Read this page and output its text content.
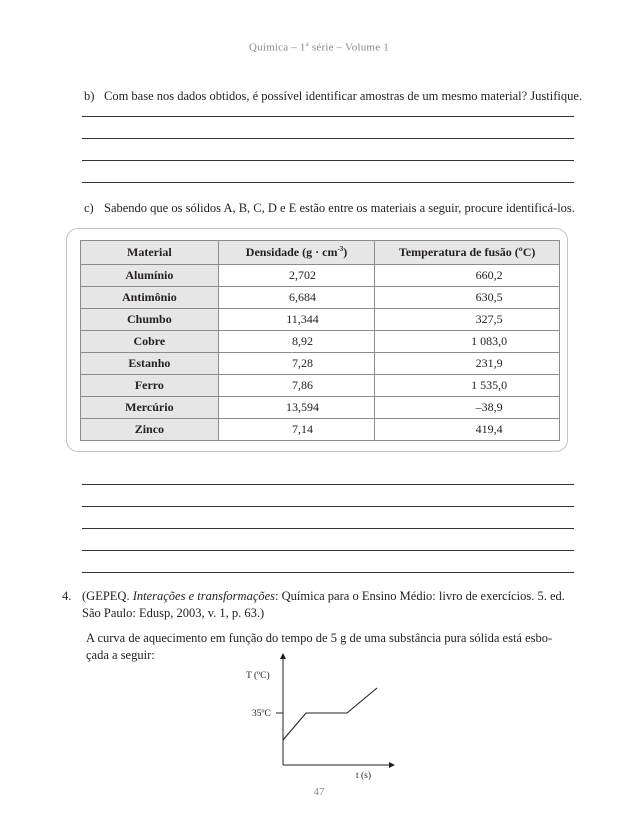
Química – 1$^a$ série – Volume 1
b) Com base nos dados obtidos, é possível identificar amostras de um mesmo material? Justifique.
c) Sabendo que os sólidos A, B, C, D e E estão entre os materiais a seguir, procure identificá-los.
Material	Densidade $(g \cdot cm^{-3})$	Temperatura de fusão (ºC)
Alumínio	2,702	660,2
Antimônio	6,684	630,5
Chumbo	11,344	327,5
Cobre	8,92	1 083,0
Estanho	7,28	231,9
Ferro	7,86	1 535,0
Mercúrio	13,594	–38,9
Zinco	7,14	419,4
4. (GEPEQ. Interações e transformações: Química para o Ensino Médio: livro de exercícios. 5. ed.
São Paulo: Edusp, 2003, v. 1, p. 63.)
A curva de aquecimento em função do tempo de 5 g de uma substância pura sólida está esbo-
çada a seguir:
T (ºC)
35ºC
t (s)
47
